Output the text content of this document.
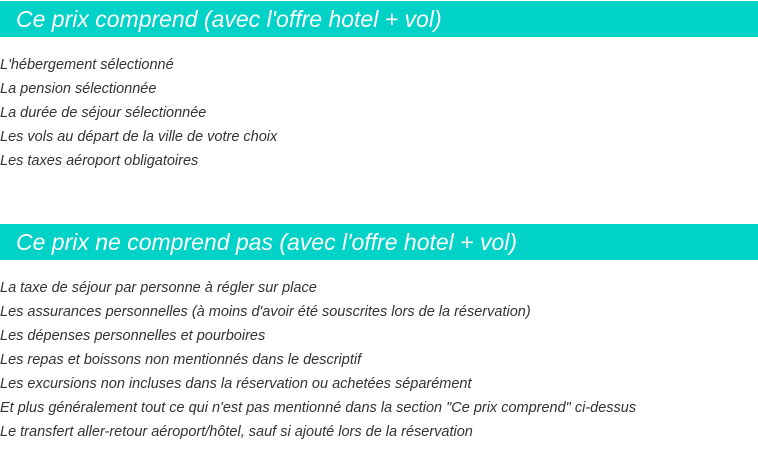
Ce prix comprend (avec l'offre hotel + vol)
L'hébergement sélectionné
La pension sélectionnée
La durée de séjour sélectionnée
Les vols au départ de la ville de votre choix
Les taxes aéroport obligatoires
Ce prix ne comprend pas (avec l'offre hotel + vol)
La taxe de séjour par personne à régler sur place
Les assurances personnelles (à moins d'avoir été souscrites lors de la réservation)
Les dépenses personnelles et pourboires
Les repas et boissons non mentionnés dans le descriptif
Les excursions non incluses dans la réservation ou achetées séparément
Et plus généralement tout ce qui n'est pas mentionné dans la section "Ce prix comprend" ci-dessus
Le transfert aller-retour aéroport/hôtel, sauf si ajouté lors de la réservation
